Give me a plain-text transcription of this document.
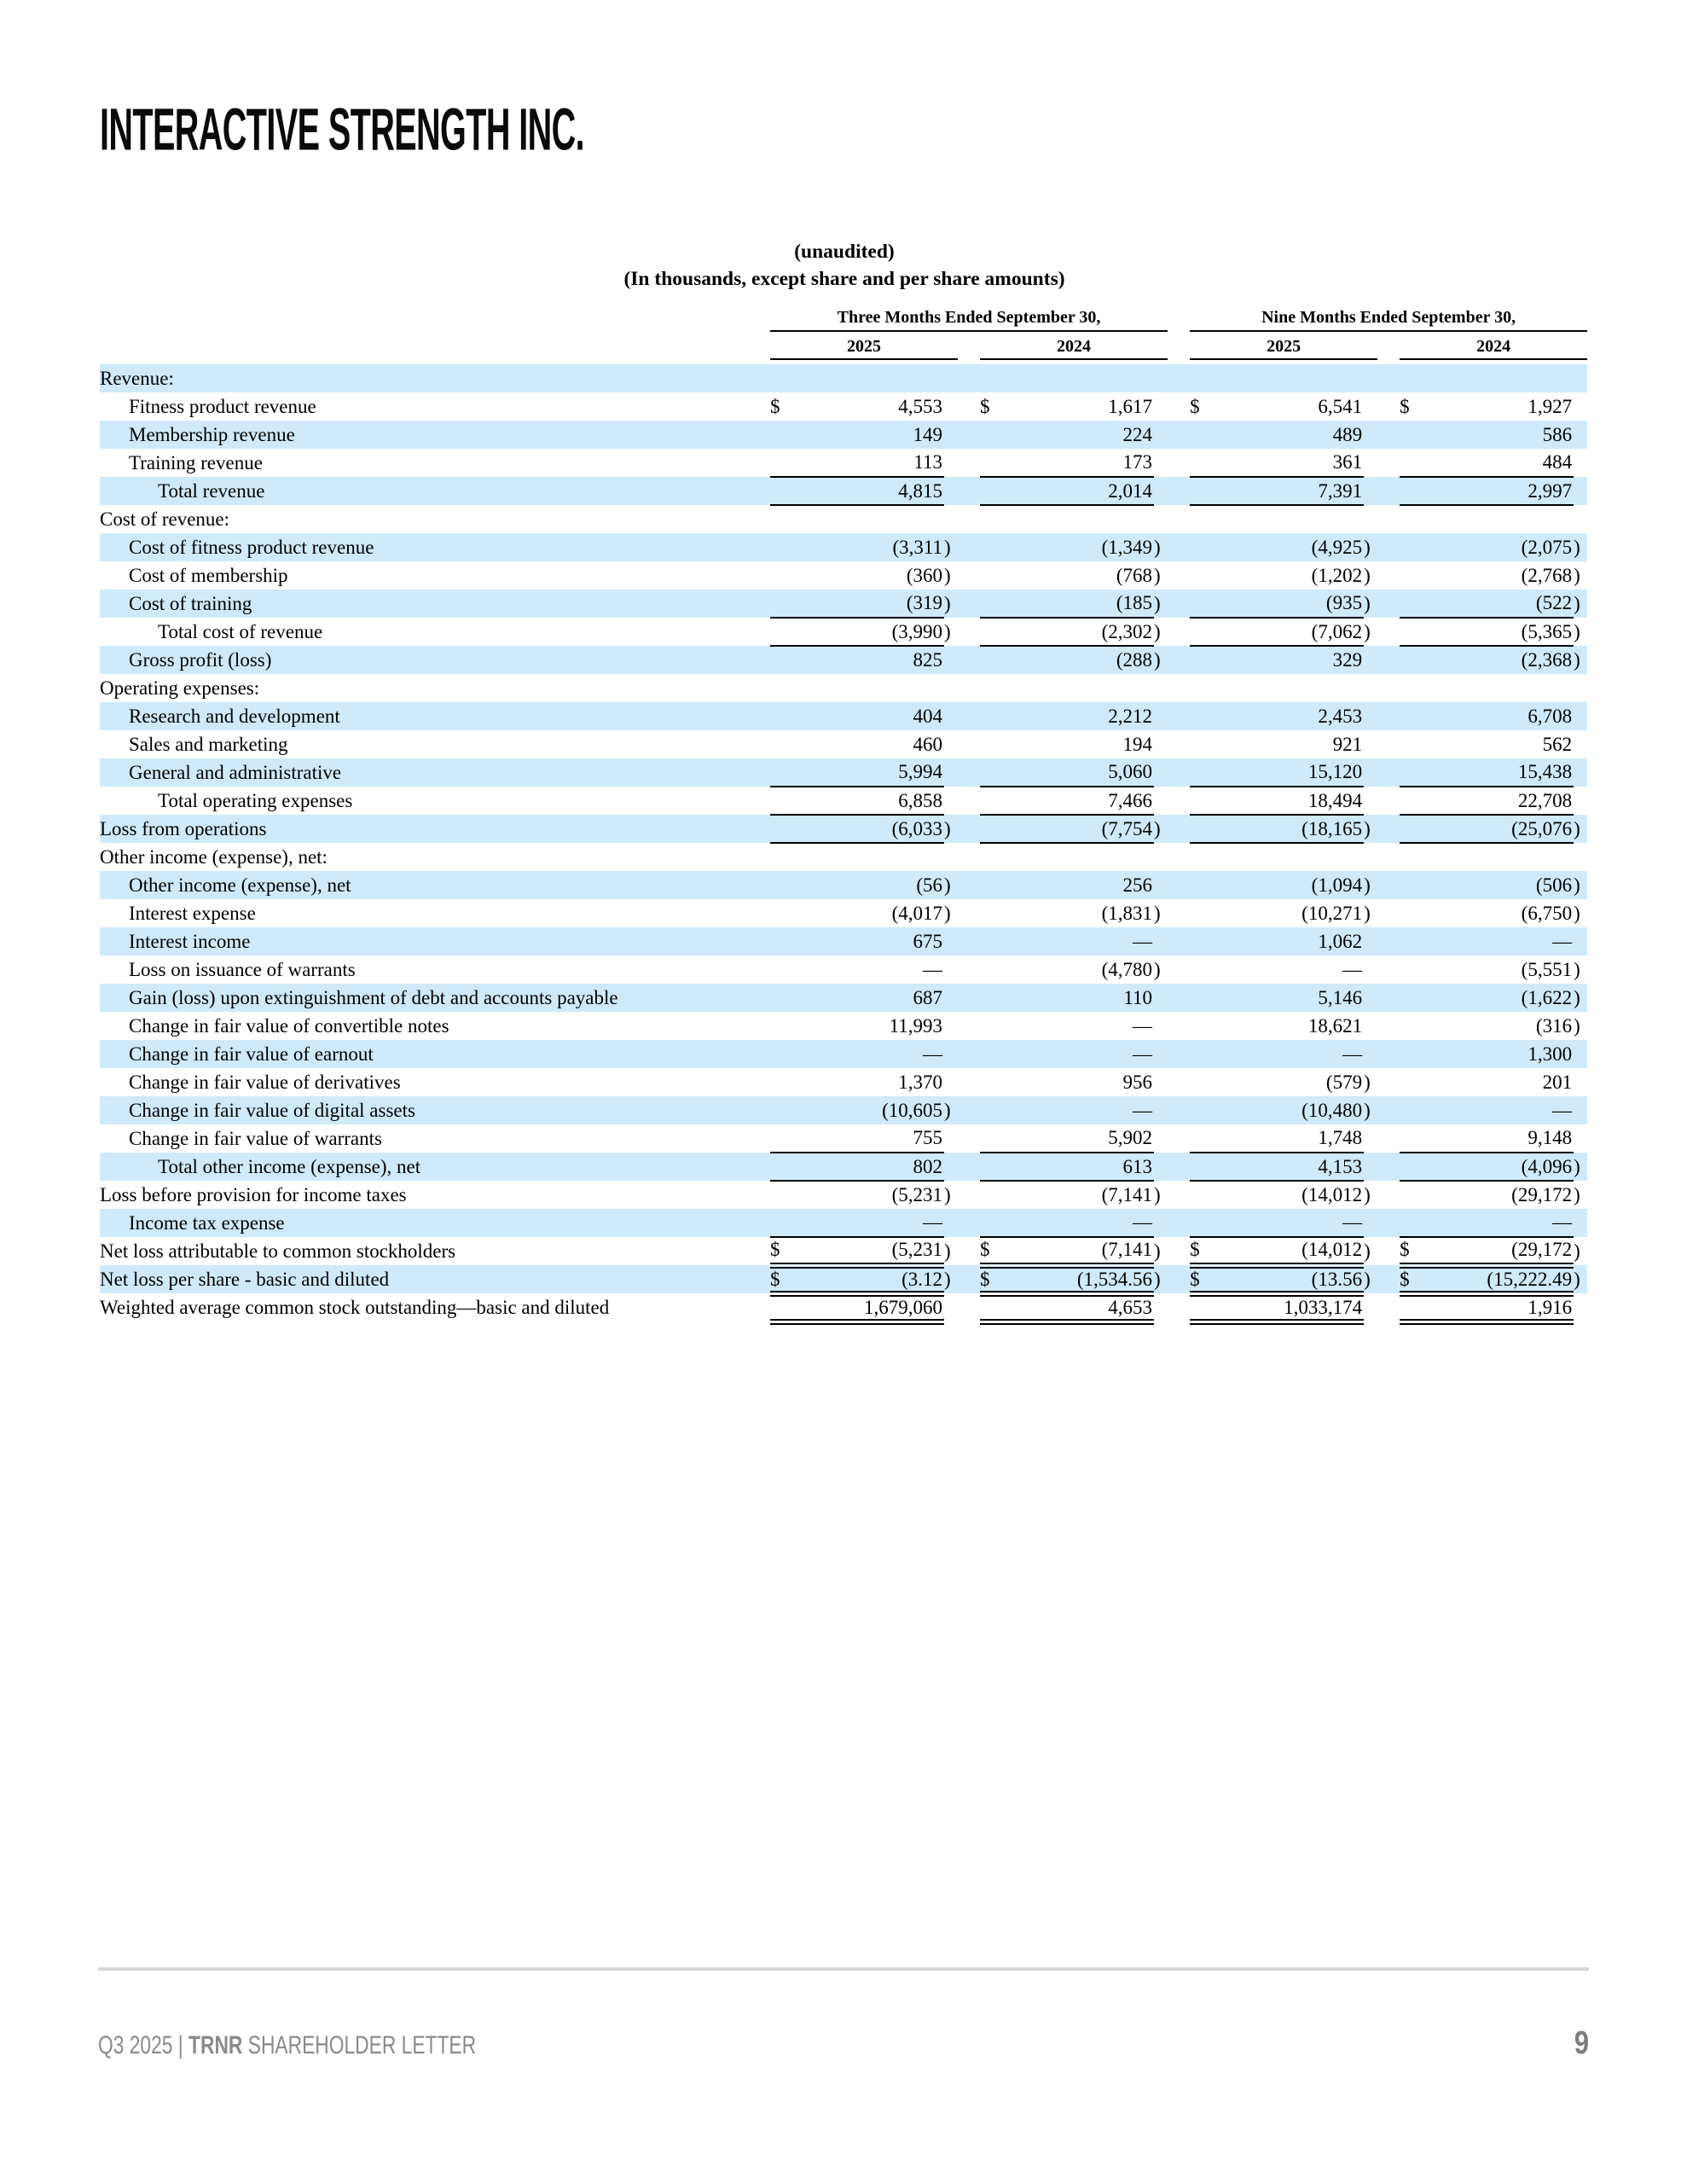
INTERACTIVE STRENGTH INC.
(unaudited)
(In thousands, except share and per share amounts)
		Three Months Ended September 30,								Nine Months Ended September 30,						
		2025				2024				2025				2024		

Revenue:																
Fitness product revenue		$	4,553			$	1,617			$	6,541			$	1,927	
Membership revenue			149				224				489				586	
Training revenue			113				173				361				484	
Total revenue			4,815				2,014				7,391				2,997	
Cost of revenue:																
Cost of fitness product revenue			(3,311	)			(1,349	)			(4,925	)			(2,075	)
Cost of membership			(360	)			(768	)			(1,202	)			(2,768	)
Cost of training			(319	)			(185	)			(935	)			(522	)
Total cost of revenue			(3,990	)			(2,302	)			(7,062	)			(5,365	)
Gross profit (loss)			825				(288	)			329				(2,368	)
Operating expenses:																
Research and development			404				2,212				2,453				6,708	
Sales and marketing			460				194				921				562	
General and administrative			5,994				5,060				15,120				15,438	
Total operating expenses			6,858				7,466				18,494				22,708	
Loss from operations			(6,033	)			(7,754	)			(18,165	)			(25,076	)
Other income (expense), net:																
Other income (expense), net			(56	)			256				(1,094	)			(506	)
Interest expense			(4,017	)			(1,831	)			(10,271	)			(6,750	)
Interest income			675				—				1,062				—	
Loss on issuance of warrants			—				(4,780	)			—				(5,551	)
Gain (loss) upon extinguishment of debt and accounts payable			687				110				5,146				(1,622	)
Change in fair value of convertible notes			11,993				—				18,621				(316	)
Change in fair value of earnout			—				—				—				1,300	
Change in fair value of derivatives			1,370				956				(579	)			201	
Change in fair value of digital assets			(10,605	)			—				(10,480	)			—	
Change in fair value of warrants			755				5,902				1,748				9,148	
Total other income (expense), net			802				613				4,153				(4,096	)
Loss before provision for income taxes			(5,231	)			(7,141	)			(14,012	)			(29,172	)
Income tax expense			—				—				—				—	
Net loss attributable to common stockholders		$	(5,231	)		$	(7,141	)		$	(14,012	)		$	(29,172	)
Net loss per share - basic and diluted		$	(3.12	)		$	(1,534.56	)		$	(13.56	)		$	(15,222.49	)
Weighted average common stock outstanding—basic and diluted			1,679,060				4,653				1,033,174				1,916	
Q3 2025 | TRNR SHAREHOLDER LETTER	9
